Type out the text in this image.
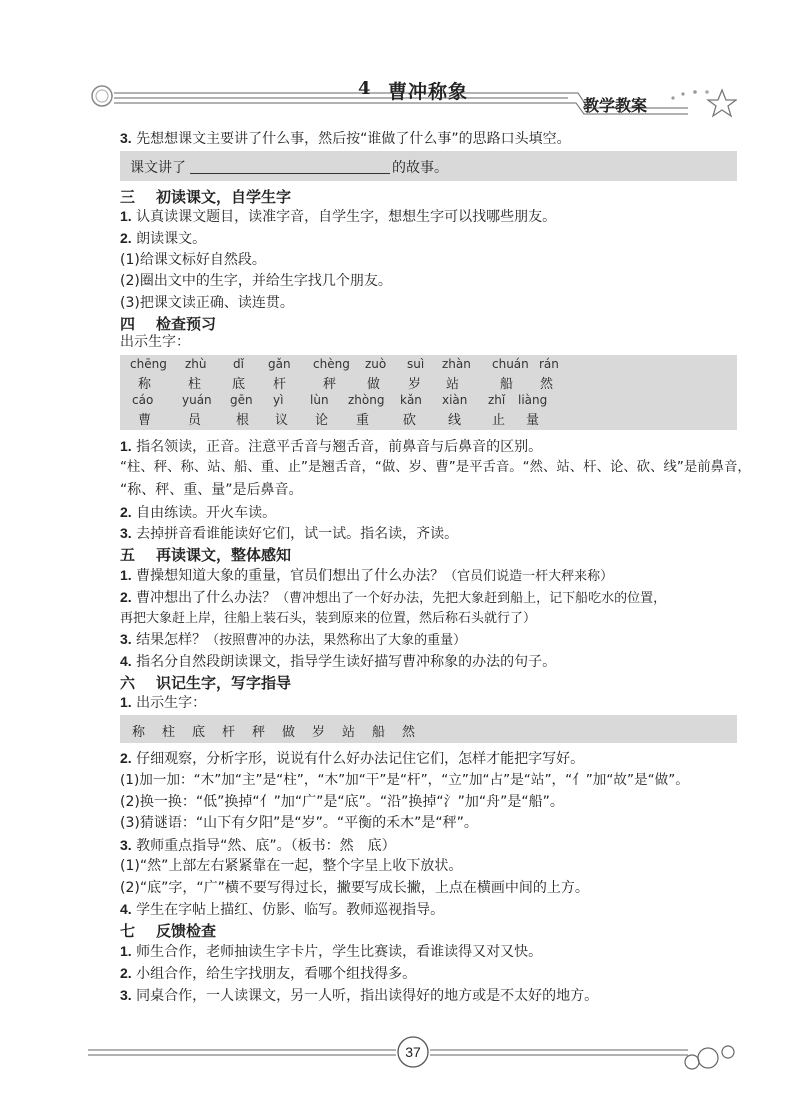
4 曹冲称象
教学教案
3. 先想想课文主要讲了什么事，然后按“谁做了什么事”的思路口头填空。
课文讲了	的故事。
三 初读课文，自学生字
1. 认真读课文题目，读准字音，自学生字，想想生字可以找哪些朋友。
2. 朗读课文。
(1)给课文标好自然段。
(2)圈出文中的生字，并给生字找几个朋友。
(3)把课文读正确、读连贯。
四 检查预习
出示生字：
chēng zhù dǐ gǎn chèng zuò suì zhàn chuán rán
称	柱 底 杆	秤 做 岁 站	船 然
cáo yuán gēn yì lùn zhòng kǎn xiàn zhǐ liàng
曹	员	根 议 论 重	砍 线 止 量
1. 指名领读，正音。注意平舌音与翘舌音，前鼻音与后鼻音的区别。
“柱、秤、称、站、船、重、止”是翘舌音，“做、岁、曹”是平舌音。“然、站、杆、论、砍、线”是前鼻音，
“称、秤、重、量”是后鼻音。
2. 自由练读。开火车读。
3. 去掉拼音看谁能读好它们，试一试。指名读，齐读。
五 再读课文，整体感知
1. 曹操想知道大象的重量，官员们想出了什么办法？（官员们说造一杆大秤来称）
2. 曹冲想出了什么办法？（曹冲想出了一个好办法，先把大象赶到船上，记下船吃水的位置，
再把大象赶上岸，往船上装石头，装到原来的位置，然后称石头就行了）
3. 结果怎样？（按照曹冲的办法，果然称出了大象的重量）
4. 指名分自然段朗读课文，指导学生读好描写曹冲称象的办法的句子。
六 识记生字，写字指导
1. 出示生字：
称 柱 底 杆 秤 做 岁 站 船 然
2. 仔细观察，分析字形，说说有什么好办法记住它们，怎样才能把字写好。
(1)加一加：“木”加“主”是“柱”，“木”加“干”是“杆”，“立”加“占”是“站”，“亻”加“故”是“做”。
(2)换一换：“低”换掉“亻”加“广”是“底”。“沿”换掉“氵”加“舟”是“船”。
(3)猜谜语：“山下有夕阳”是“岁”。“平衡的禾木”是“秤”。
3. 教师重点指导“然、底”。（板书：然　底）
(1)“然”上部左右紧紧靠在一起，整个字呈上收下放状。
(2)“底”字，“广”横不要写得过长，撇要写成长撇，上点在横画中间的上方。
4. 学生在字帖上描红、仿影、临写。教师巡视指导。
七 反馈检查
1. 师生合作，老师抽读生字卡片，学生比赛读，看谁读得又对又快。
2. 小组合作，给生字找朋友，看哪个组找得多。
3. 同桌合作，一人读课文，另一人听，指出读得好的地方或是不太好的地方。
37
